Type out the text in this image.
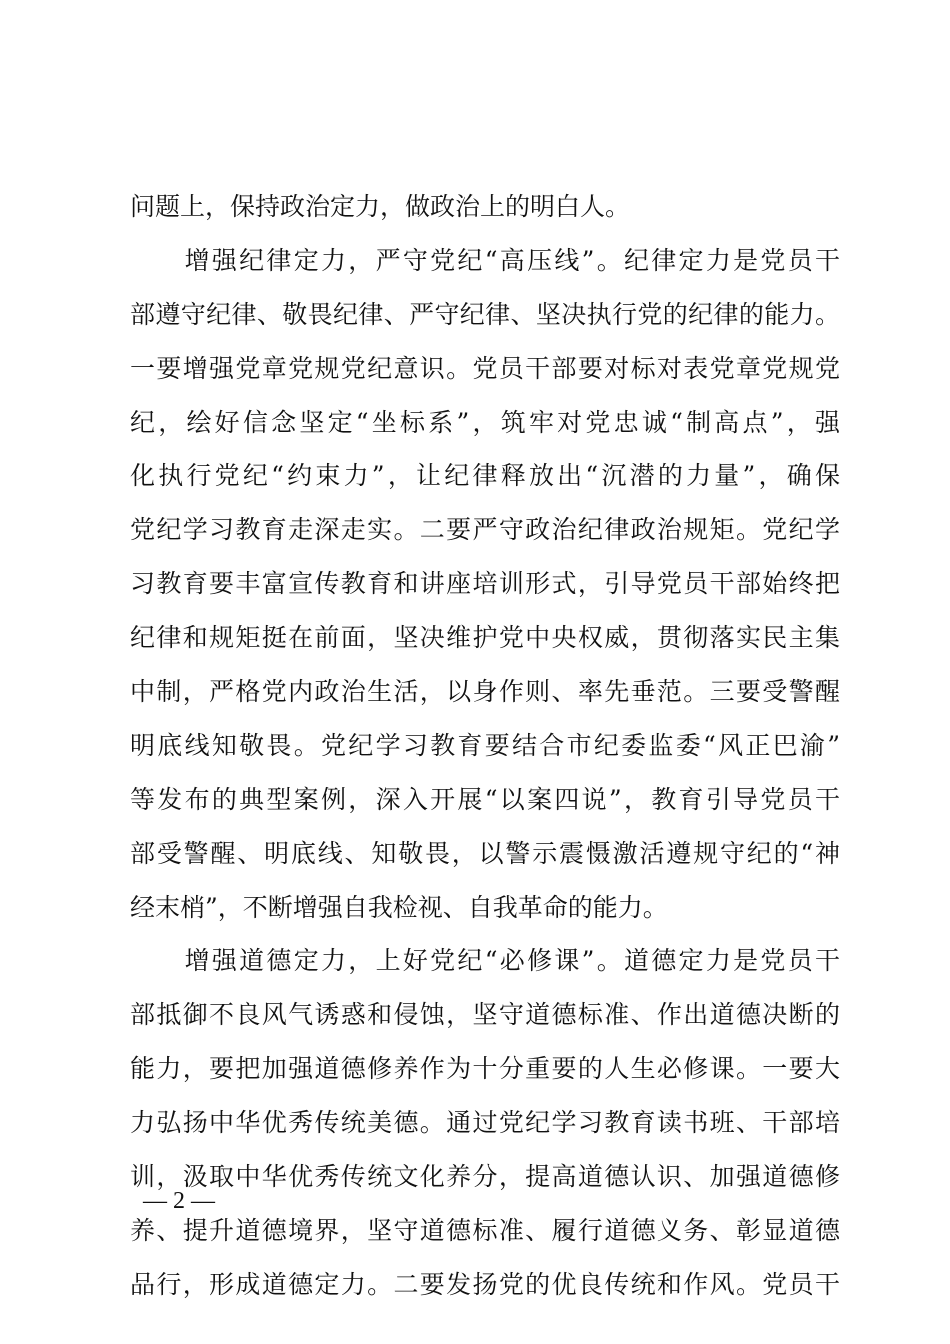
问题上，保持政治定力，做政治上的明白人。
　　增强纪律定力，严守党纪“高压线”。纪律定力是党员干
部遵守纪律、敬畏纪律、严守纪律、坚决执行党的纪律的能力。
一要增强党章党规党纪意识。党员干部要对标对表党章党规党
纪，绘好信念坚定“坐标系”，筑牢对党忠诚“制高点”，强
化执行党纪“约束力”，让纪律释放出“沉潜的力量”，确保
党纪学习教育走深走实。二要严守政治纪律政治规矩。党纪学
习教育要丰富宣传教育和讲座培训形式，引导党员干部始终把
纪律和规矩挺在前面，坚决维护党中央权威，贯彻落实民主集
中制，严格党内政治生活，以身作则、率先垂范。三要受警醒
明底线知敬畏。党纪学习教育要结合市纪委监委“风正巴渝”
等发布的典型案例，深入开展“以案四说”，教育引导党员干
部受警醒、明底线、知敬畏，以警示震慑激活遵规守纪的“神
经末梢”，不断增强自我检视、自我革命的能力。
　　增强道德定力，上好党纪“必修课”。道德定力是党员干
部抵御不良风气诱惑和侵蚀，坚守道德标准、作出道德决断的
能力，要把加强道德修养作为十分重要的人生必修课。一要大
力弘扬中华优秀传统美德。通过党纪学习教育读书班、干部培
训，汲取中华优秀传统文化养分，提高道德认识、加强道德修
养、提升道德境界，坚守道德标准、履行道德义务、彰显道德
品行，形成道德定力。二要发扬党的优良传统和作风。党员干
— 2 —
